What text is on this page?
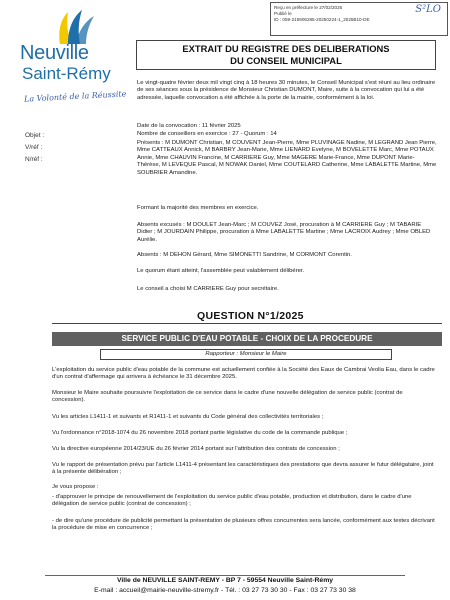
Reçu en préfecture le 27/02/2025
Publié le
ID : 059-215906285-20250224-1_2025B10-DE
S²LO
Neuville
Saint-Rémy
La Volonté de la Réussite
Objet :
V/réf :
N/réf :
EXTRAIT DU REGISTRE DES DELIBERATIONS
DU CONSEIL MUNICIPAL
Le vingt-quatre février deux mil vingt cinq à 18 heures 30 minutes, le Conseil Municipal s'est réuni au lieu ordinaire de ses séances sous la présidence de Monsieur Christian DUMONT, Maire, suite à la convocation qui lui a été adressée, laquelle convocation a été affichée à la porte de la mairie, conformément à la loi.
Date de la convocation : 11 février 2025
Nombre de conseillers en exercice : 27 - Quorum : 14
Présents : M DUMONT Christian, M COUVENT Jean-Pierre, Mme PLUVINAGE Nadine, M LEGRAND Jean Pierre, Mme CATTEAUX Annick, M BARBRY Jean-Marie, Mme LIENARD Evelyne, M BOVELETTE Marc, Mme POTAUX Annie, Mme CHAUVIN Francine, M CARRIERE Guy, Mme MAGERE Marie-France, Mme DUPONT Marie-Thérèse, M LEVEQUE Pascal, M NOWAK Daniel, Mme COUTELARD Catherine, Mme LABALETTE Martine, Mme SOUBRIER Amandine.
Formant la majorité des membres en exercice.
Absents excusés : M DOULET Jean-Marc ; M COUVEZ José, procuration à M CARRIERE Guy ; M TABARIE Didier ; M JOURDAIN Philippe, procuration à Mme LABALETTE Martine ; Mme LACROIX Audrey ; Mme OBLED Aurélie.
Absents : M DEHON Gérard, Mme SIMONETTI Sandrine, M CORMONT Corentin.
Le quorum étant atteint, l'assemblée peut valablement délibérer.
Le conseil a choisi M CARRIERE Guy pour secrétaire.
QUESTION N°1/2025
SERVICE PUBLIC D'EAU POTABLE - CHOIX DE LA PROCEDURE
Rapporteur : Monsieur le Maire
L'exploitation du service public d'eau potable de la commune est actuellement confiée à la Société des Eaux de Cambrai Veolia Eau, dans le cadre d'un contrat d'affermage qui arrivera à échéance le 31 décembre 2025.
Monsieur le Maire souhaite poursuivre l'exploitation de ce service dans le cadre d'une nouvelle délégation de service public (contrat de concession).
Vu les articles L1411-1 et suivants et R1411-1 et suivants du Code général des collectivités territoriales ;
Vu l'ordonnance n°2018-1074 du 26 novembre 2018 portant partie législative du code de la commande publique ;
Vu la directive européenne 2014/23/UE du 26 février 2014 portant sur l'attribution des contrats de concession ;
Vu le rapport de présentation prévu par l'article L1411-4 présentant les caractéristiques des prestations que devra assurer le futur délégataire, joint à la présente délibération ;
Je vous propose :
- d'approuver le principe de renouvellement de l'exploitation du service public d'eau potable, production et distribution, dans le cadre d'une délégation de service public (contrat de concession) ;
- de dire qu'une procédure de publicité permettant la présentation de plusieurs offres concurrentes sera lancée, conformément aux textes décrivant la procédure de mise en concurrence ;
Ville de NEUVILLE SAINT-REMY - BP 7 - 59554 Neuville Saint-Rémy
E-mail : accueil@mairie-neuville-stremy.fr - Tél. : 03 27 73 30 30 - Fax : 03 27 73 30 38
